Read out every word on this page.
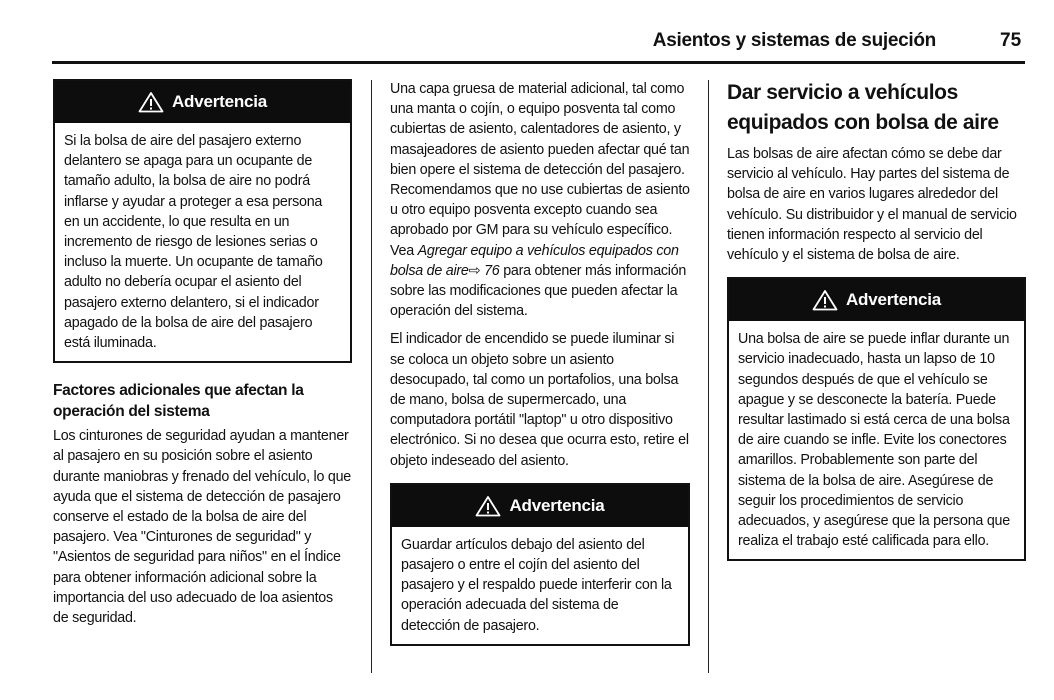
Asientos y sistemas de sujeción	75
Advertencia
Si la bolsa de aire del pasajero externo delantero se apaga para un ocupante de tamaño adulto, la bolsa de aire no podrá inflarse y ayudar a proteger a esa persona en un accidente, lo que resulta en un incremento de riesgo de lesiones serias o incluso la muerte. Un ocupante de tamaño adulto no debería ocupar el asiento del pasajero externo delantero, si el indicador apagado de la bolsa de aire del pasajero está iluminada.
Factores adicionales que afectan la operación del sistema

Los cinturones de seguridad ayudan a mantener al pasajero en su posición sobre el asiento durante maniobras y frenado del vehículo, lo que ayuda que el sistema de detección de pasajero conserve el estado de la bolsa de aire del pasajero. Vea "Cinturones de seguridad" y "Asientos de seguridad para niños" en el Índice para obtener información adicional sobre la importancia del uso adecuado de loa asientos de seguridad.

Una capa gruesa de material adicional, tal como una manta o cojín, o equipo posventa tal como cubiertas de asiento, calentadores de asiento, y masajeadores de asiento pueden afectar qué tan bien opere el sistema de detección del pasajero. Recomendamos que no use cubiertas de asiento u otro equipo posventa excepto cuando sea aprobado por GM para su vehículo específico. Vea Agregar equipo a vehículos equipados con bolsa de aire⇨ 76 para obtener más información sobre las modificaciones que pueden afectar la operación del sistema.

El indicador de encendido se puede iluminar si se coloca un objeto sobre un asiento desocupado, tal como un portafolios, una bolsa de mano, bolsa de supermercado, una computadora portátil "laptop" u otro dispositivo electrónico. Si no desea que ocurra esto, retire el objeto indeseado del asiento.

Advertencia
Guardar artículos debajo del asiento del pasajero o entre el cojín del asiento del pasajero y el respaldo puede interferir con la operación adecuada del sistema de detección de pasajero.
Dar servicio a vehículos equipados con bolsa de aire

Las bolsas de aire afectan cómo se debe dar servicio al vehículo. Hay partes del sistema de bolsa de aire en varios lugares alrededor del vehículo. Su distribuidor y el manual de servicio tienen información respecto al servicio del vehículo y el sistema de bolsa de aire.

Advertencia
Una bolsa de aire se puede inflar durante un servicio inadecuado, hasta un lapso de 10 segundos después de que el vehículo se apague y se desconecte la batería. Puede resultar lastimado si está cerca de una bolsa de aire cuando se infle. Evite los conectores amarillos. Probablemente son parte del sistema de la bolsa de aire. Asegúrese de seguir los procedimientos de servicio adecuados, y asegúrese que la persona que realiza el trabajo esté calificada para ello.
